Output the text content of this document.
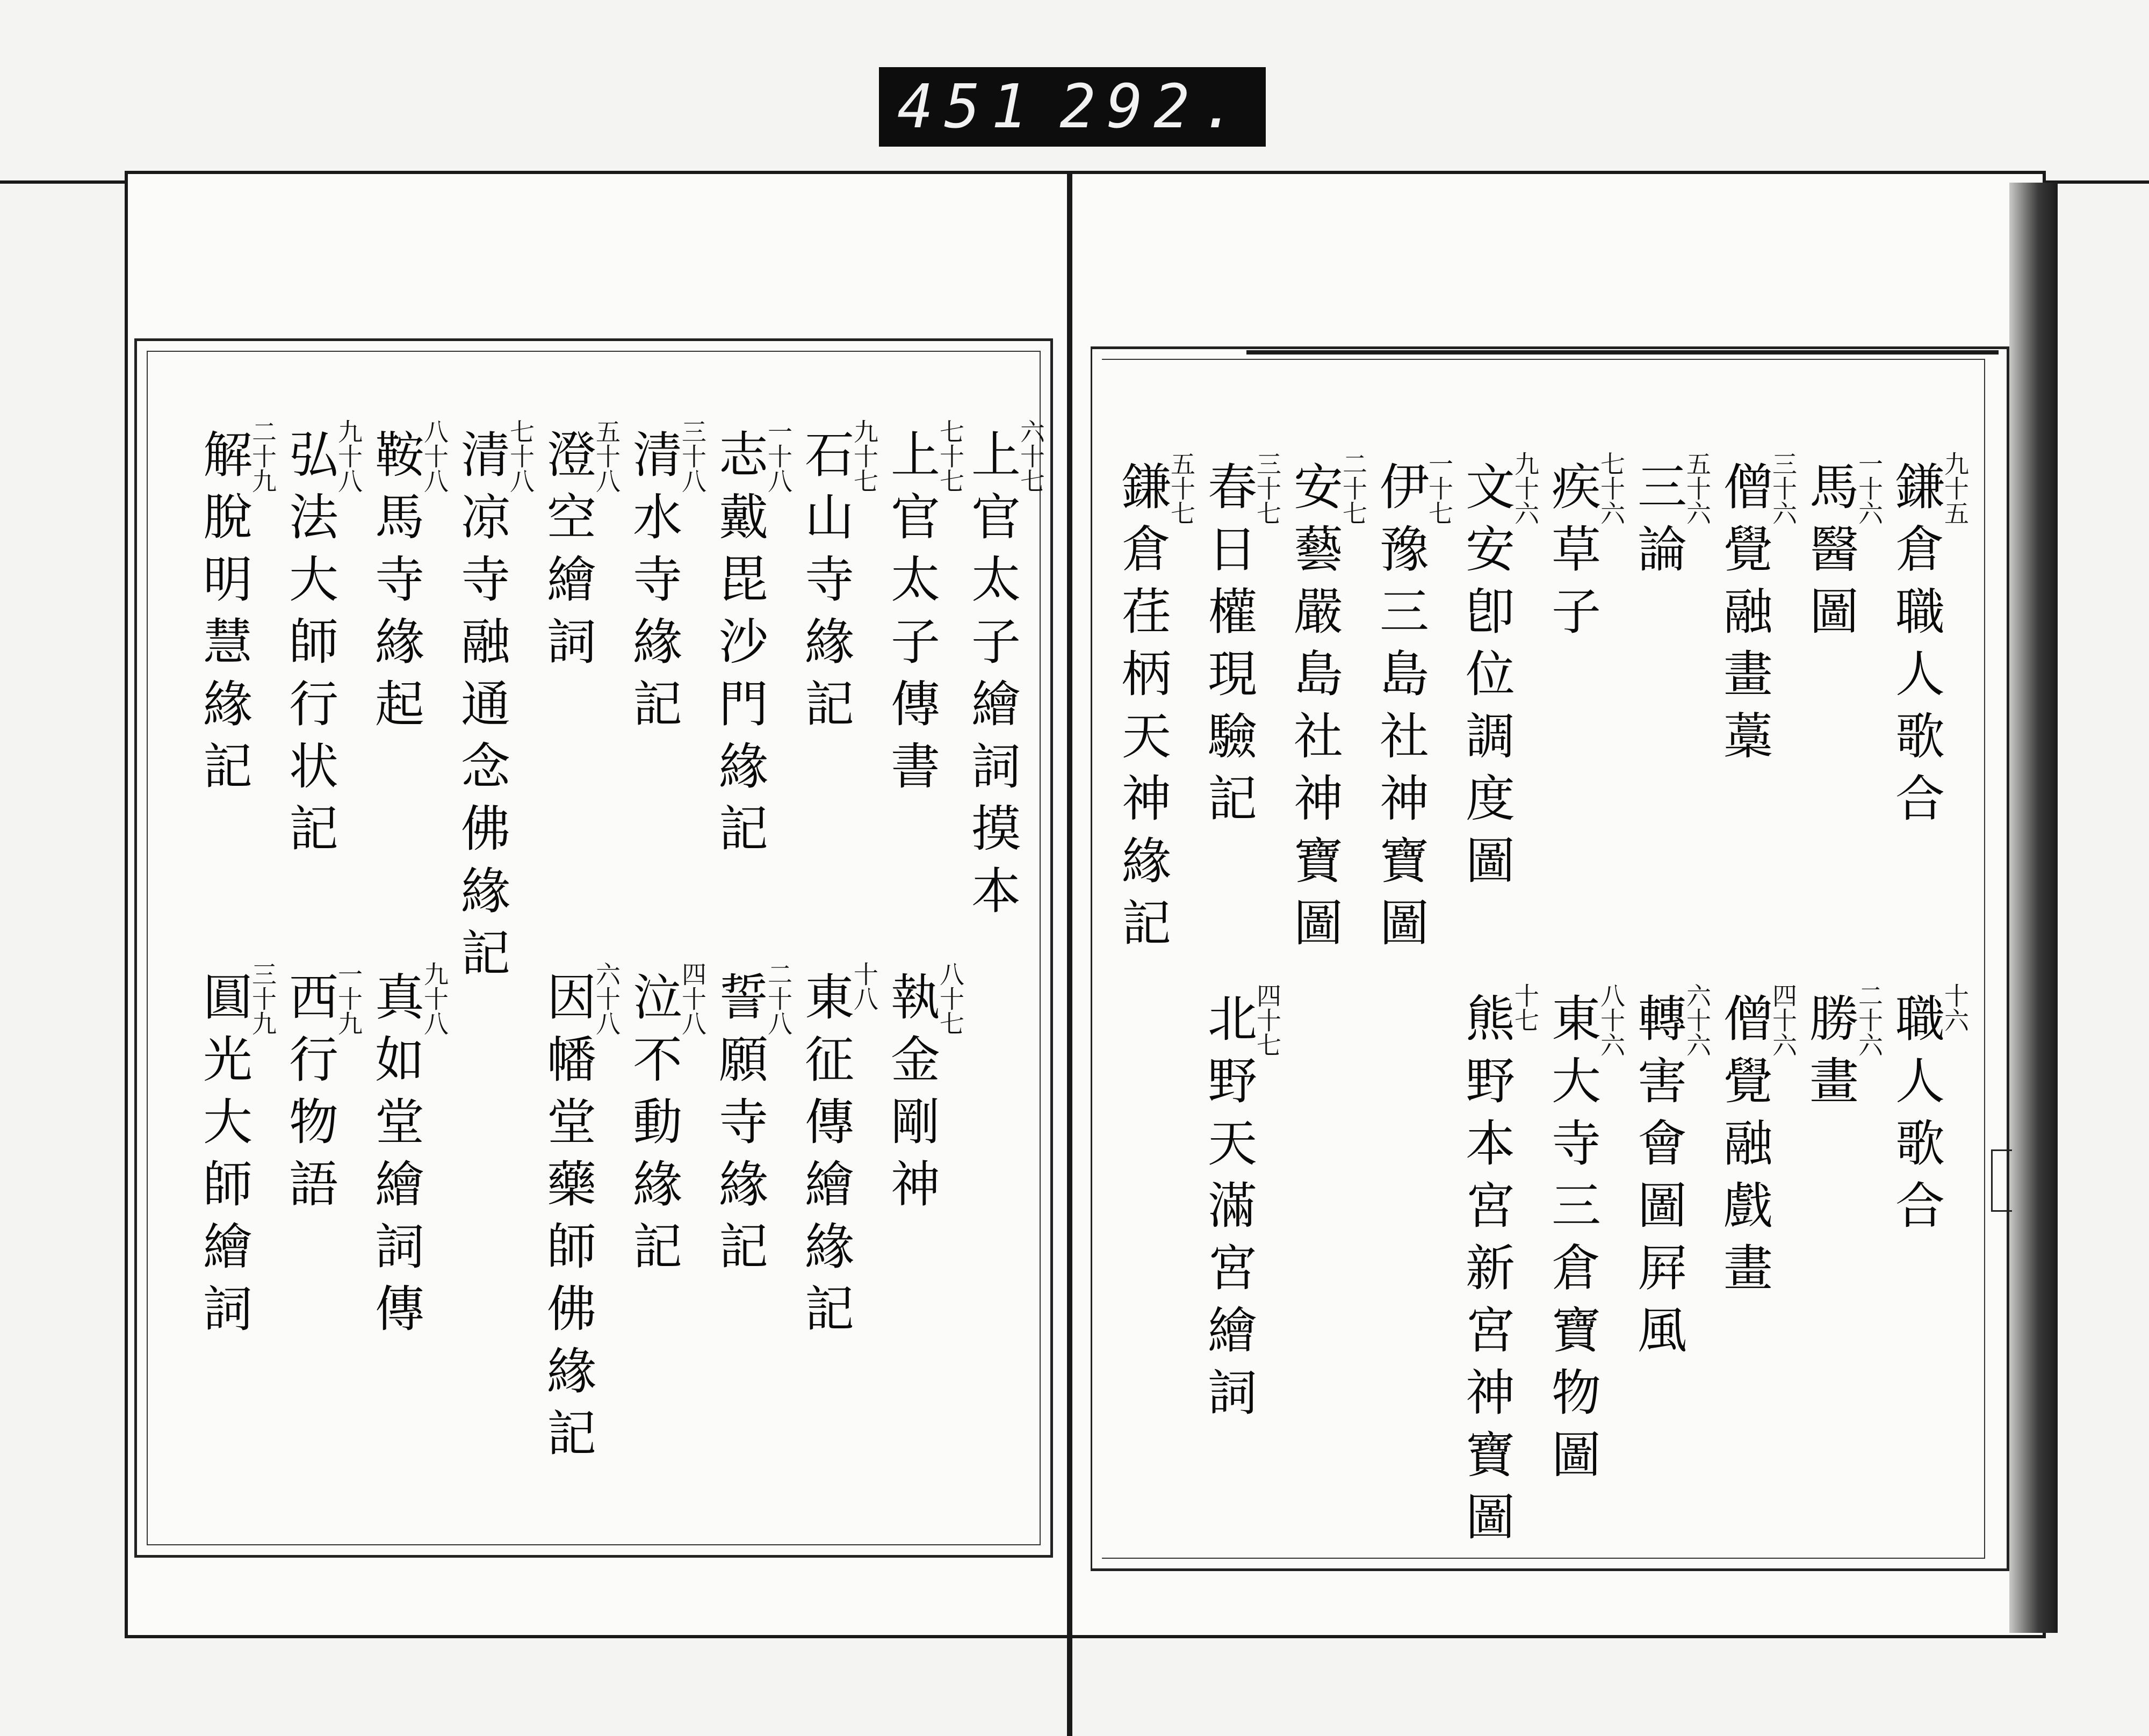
451 292.
六十七
上官太子繪詞摸本
七十七
上官太子傳書
九十七
石山寺緣記
一十八
志戴毘沙門緣記
三十八
清水寺緣記
五十八
澄空繪詞
七十八
清凉寺融通念佛緣記
八十八
鞍馬寺緣起
九十八
弘法大師行状記
二十九
解脫明慧緣記
八十七
執金剛神
十八
東征傳繪緣記
二十八
誓願寺緣記
四十八
泣不動緣記
六十八
因幡堂藥師佛緣記
九十八
真如堂繪詞傳
一十九
西行物語
三十九
圓光大師繪詞
九十五
鎌倉職人歌合
一十六
馬醫圖
三十六
僧覺融畫藁
五十六
三論
七十六
疾草子
九十六
文安卽位調度圖
一十七
伊豫三島社神寶圖
二十七
安藝嚴島社神寶圖
三十七
春日權現驗記
五十七
鎌倉荏柄天神緣記
十六
職人歌合
二十六
勝畫
四十六
僧覺融戲畫
六十六
轉害會圖屛風
八十六
東大寺三倉寶物圖
十七
熊野本宮新宮神寶圖
四十七
北野天滿宮繪詞
